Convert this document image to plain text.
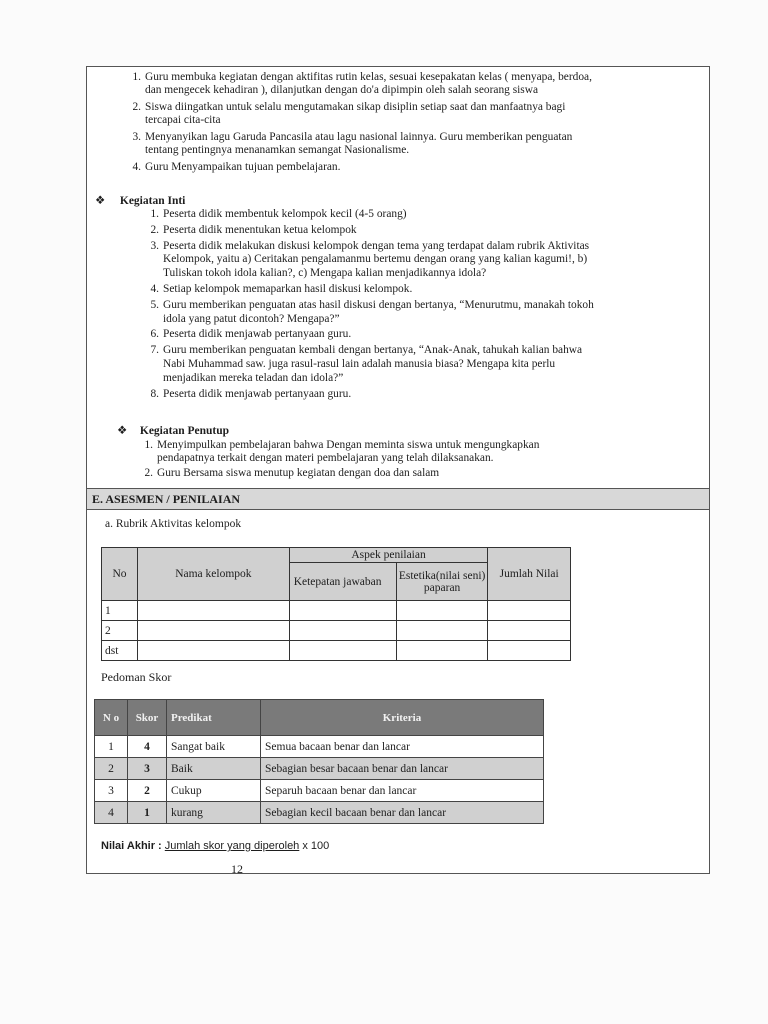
1. Guru membuka kegiatan dengan aktifitas rutin kelas, sesuai kesepakatan kelas ( menyapa, berdoa,
dan mengecek kehadiran ), dilanjutkan dengan do'a dipimpin oleh salah seorang siswa
2. Siswa diingatkan untuk selalu mengutamakan sikap disiplin setiap saat dan manfaatnya bagi
tercapai cita-cita
3. Menyanyikan lagu Garuda Pancasila atau lagu nasional lainnya. Guru memberikan penguatan
tentang pentingnya menanamkan semangat Nasionalisme.
4. Guru Menyampaikan tujuan pembelajaran.
❖ Kegiatan Inti
1. Peserta didik membentuk kelompok kecil (4-5 orang)
2. Peserta didik menentukan ketua kelompok
3. Peserta didik melakukan diskusi kelompok dengan tema yang terdapat dalam rubrik Aktivitas
Kelompok, yaitu a) Ceritakan pengalamanmu bertemu dengan orang yang kalian kagumi!, b)
Tuliskan tokoh idola kalian?, c) Mengapa kalian menjadikannya idola?
4. Setiap kelompok memaparkan hasil diskusi kelompok.
5. Guru memberikan penguatan atas hasil diskusi dengan bertanya, “Menurutmu, manakah tokoh
idola yang patut dicontoh? Mengapa?”
6. Peserta didik menjawab pertanyaan guru.
7. Guru memberikan penguatan kembali dengan bertanya, “Anak-Anak, tahukah kalian bahwa
Nabi Muhammad saw. juga rasul-rasul lain adalah manusia biasa? Mengapa kita perlu
menjadikan mereka teladan dan idola?”
8. Peserta didik menjawab pertanyaan guru.
❖ Kegiatan Penutup
1. Menyimpulkan pembelajaran bahwa Dengan meminta siswa untuk mengungkapkan
pendapatnya terkait dengan materi pembelajaran yang telah dilaksanakan.
2. Guru Bersama siswa menutup kegiatan dengan doa dan salam
E. ASESMEN / PENILAIAN
a. Rubrik Aktivitas kelompok
No	Nama kelompok	Aspek penilaian		Jumlah Nilai
		Ketepatan jawaban	Estetika(nilai seni) paparan	
1				
2				
dst				
Pedoman Skor
N o	Skor	Predikat	Kriteria
1	4	Sangat baik	Semua bacaan benar dan lancar
2	3	Baik	Sebagian besar bacaan benar dan lancar
3	2	Cukup	Separuh bacaan benar dan lancar
4	1	kurang	Sebagian kecil bacaan benar dan lancar
Nilai Akhir : Jumlah skor yang diperoleh x 100
12
